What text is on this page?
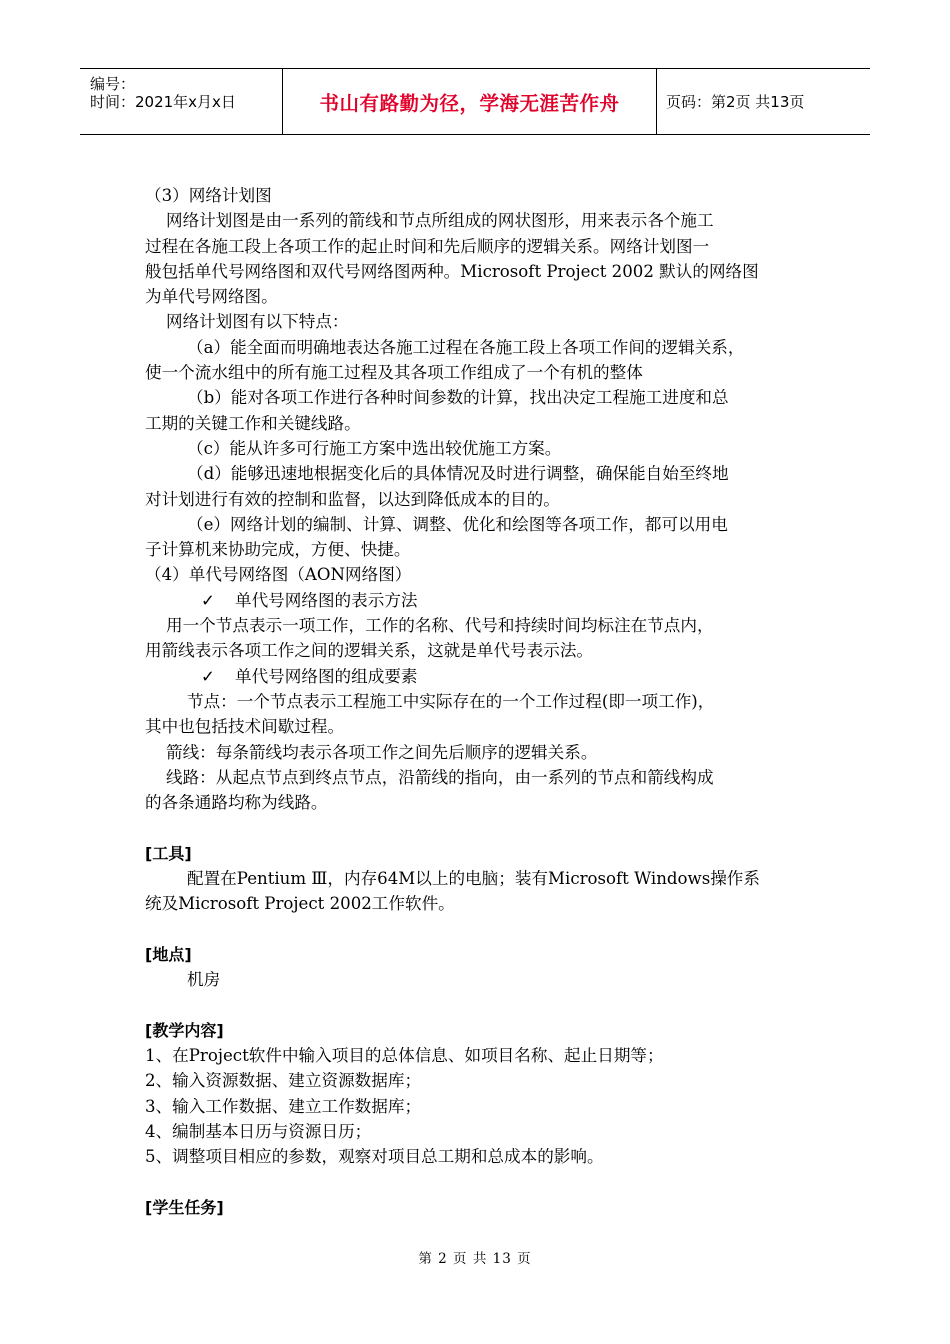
编号：
时间：2021年x月x日	书山有路勤为径，学海无涯苦作舟	页码：第2页 共13页

（3）网络计划图

网络计划图是由一系列的箭线和节点所组成的网状图形，用来表示各个施工

过程在各施工段上各项工作的起止时间和先后顺序的逻辑关系。网络计划图一

般包括单代号网络图和双代号网络图两种。Microsoft Project 2002 默认的网络图

为单代号网络图。

网络计划图有以下特点：

（a）能全面而明确地表达各施工过程在各施工段上各项工作间的逻辑关系，

使一个流水组中的所有施工过程及其各项工作组成了一个有机的整体

（b）能对各项工作进行各种时间参数的计算，找出决定工程施工进度和总

工期的关键工作和关键线路。

（c）能从许多可行施工方案中选出较优施工方案。

（d）能够迅速地根据变化后的具体情况及时进行调整，确保能自始至终地

对计划进行有效的控制和监督，以达到降低成本的目的。

（e）网络计划的编制、计算、调整、优化和绘图等各项工作，都可以用电

子计算机来协助完成，方便、快捷。

（4）单代号网络图（AON网络图）

✓ 单代号网络图的表示方法

用一个节点表示一项工作，工作的名称、代号和持续时间均标注在节点内，

用箭线表示各项工作之间的逻辑关系，这就是单代号表示法。

✓ 单代号网络图的组成要素

节点：一个节点表示工程施工中实际存在的一个工作过程(即一项工作)，

其中也包括技术间歇过程。

箭线：每条箭线均表示各项工作之间先后顺序的逻辑关系。

线路：从起点节点到终点节点，沿箭线的指向，由一系列的节点和箭线构成

的各条通路均称为线路。

[工具]

配置在Pentium Ⅲ，内存64M以上的电脑；装有Microsoft Windows操作系

统及Microsoft Project 2002工作软件。

[地点]

机房

[教学内容]

1、在Project软件中输入项目的总体信息、如项目名称、起止日期等；

2、输入资源数据、建立资源数据库；

3、输入工作数据、建立工作数据库；

4、编制基本日历与资源日历；

5、调整项目相应的参数，观察对项目总工期和总成本的影响。

[学生任务]

第 2 页 共 13 页
